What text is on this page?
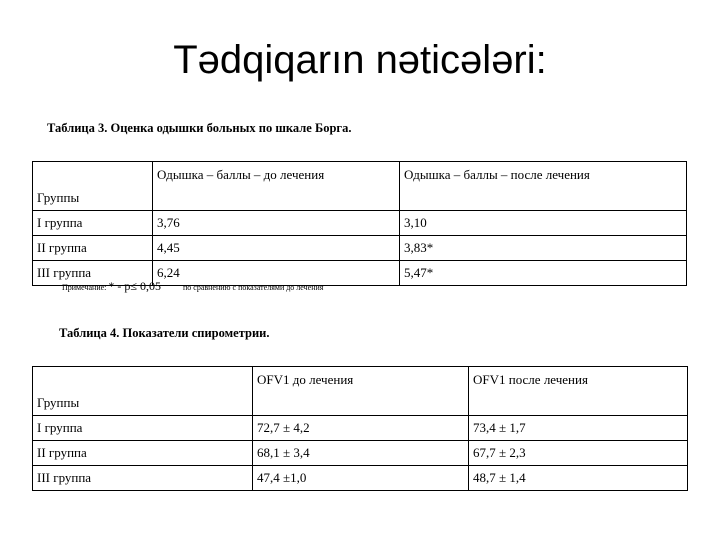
Tədqiqarın nəticələri:
Таблица 3. Оценка одышки больных по шкале Борга.
Группы	Одышка – баллы – до лечения	Одышка – баллы – после лечения
I группа	3,76	3,10
II группа	4,45	3,83*
III группа	6,24	5,47*
Примечание: * - р≤ 0,05	по сравнению с показателями до лечения
Таблица 4. Показатели спирометрии.
Группы	OFV1 до лечения	OFV1 после лечения
I группа	72,7 ± 4,2	73,4 ± 1,7
II группа	68,1 ± 3,4	67,7 ± 2,3
III группа	47,4 ±1,0	48,7 ± 1,4
